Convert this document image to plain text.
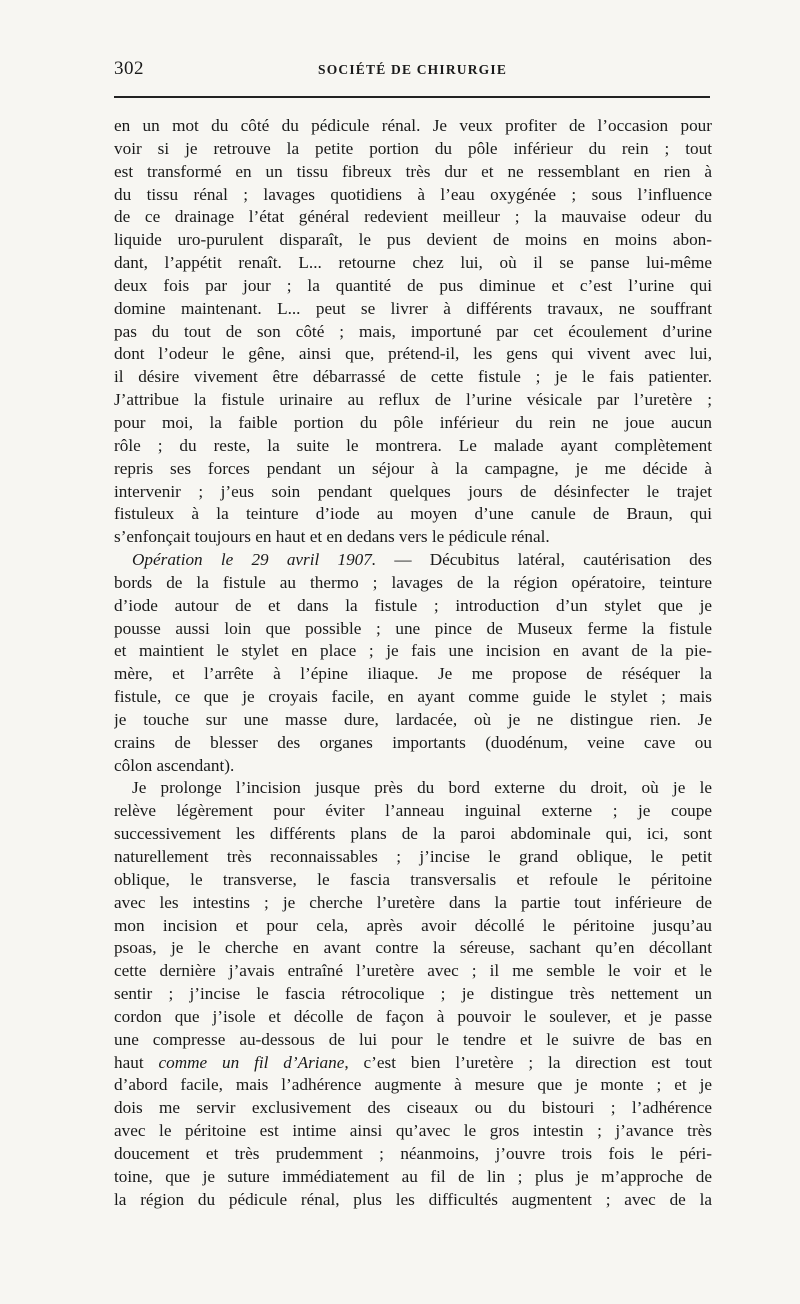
302	SOCIÉTÉ DE CHIRURGIE
en un mot du côté du pédicule rénal. Je veux profiter de l’occasion pour
voir si je retrouve la petite portion du pôle inférieur du rein ; tout
est transformé en un tissu fibreux très dur et ne ressemblant en rien à
du tissu rénal ; lavages quotidiens à l’eau oxygénée ; sous l’influence
de ce drainage l’état général redevient meilleur ; la mauvaise odeur du
liquide uro-purulent disparaît, le pus devient de moins en moins abon-
dant, l’appétit renaît. L... retourne chez lui, où il se panse lui-même
deux fois par jour ; la quantité de pus diminue et c’est l’urine qui
domine maintenant. L... peut se livrer à différents travaux, ne souffrant
pas du tout de son côté ; mais, importuné par cet écoulement d’urine
dont l’odeur le gêne, ainsi que, prétend-il, les gens qui vivent avec lui,
il désire vivement être débarrassé de cette fistule ; je le fais patienter.
J’attribue la fistule urinaire au reflux de l’urine vésicale par l’uretère ;
pour moi, la faible portion du pôle inférieur du rein ne joue aucun
rôle ; du reste, la suite le montrera. Le malade ayant complètement
repris ses forces pendant un séjour à la campagne, je me décide à
intervenir ; j’eus soin pendant quelques jours de désinfecter le trajet
fistuleux à la teinture d’iode au moyen d’une canule de Braun, qui
s’enfonçait toujours en haut et en dedans vers le pédicule rénal.
Opération le 29 avril 1907. — Décubitus latéral, cautérisation des
bords de la fistule au thermo ; lavages de la région opératoire, teinture
d’iode autour de et dans la fistule ; introduction d’un stylet que je
pousse aussi loin que possible ; une pince de Museux ferme la fistule
et maintient le stylet en place ; je fais une incision en avant de la pie-
mère, et l’arrête à l’épine iliaque. Je me propose de réséquer la
fistule, ce que je croyais facile, en ayant comme guide le stylet ; mais
je touche sur une masse dure, lardacée, où je ne distingue rien. Je
crains de blesser des organes importants (duodénum, veine cave ou
côlon ascendant).
Je prolonge l’incision jusque près du bord externe du droit, où je le
relève légèrement pour éviter l’anneau inguinal externe ; je coupe
successivement les différents plans de la paroi abdominale qui, ici, sont
naturellement très reconnaissables ; j’incise le grand oblique, le petit
oblique, le transverse, le fascia transversalis et refoule le péritoine
avec les intestins ; je cherche l’uretère dans la partie tout inférieure de
mon incision et pour cela, après avoir décollé le péritoine jusqu’au
psoas, je le cherche en avant contre la séreuse, sachant qu’en décollant
cette dernière j’avais entraîné l’uretère avec ; il me semble le voir et le
sentir ; j’incise le fascia rétrocolique ; je distingue très nettement un
cordon que j’isole et décolle de façon à pouvoir le soulever, et je passe
une compresse au-dessous de lui pour le tendre et le suivre de bas en
haut comme un fil d’Ariane, c’est bien l’uretère ; la direction est tout
d’abord facile, mais l’adhérence augmente à mesure que je monte ; et je
dois me servir exclusivement des ciseaux ou du bistouri ; l’adhérence
avec le péritoine est intime ainsi qu’avec le gros intestin ; j’avance très
doucement et très prudemment ; néanmoins, j’ouvre trois fois le péri-
toine, que je suture immédiatement au fil de lin ; plus je m’approche de
la région du pédicule rénal, plus les difficultés augmentent ; avec de la
